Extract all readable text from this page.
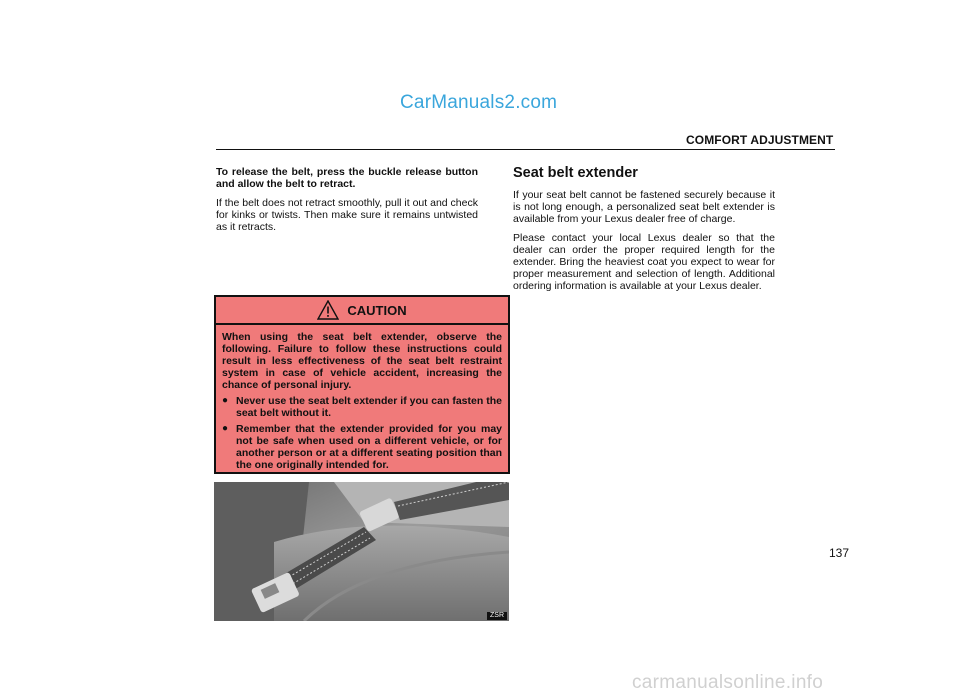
CarManuals2.com
COMFORT ADJUSTMENT

To release the belt, press the buckle release button and allow the belt to retract.

If the belt does not retract smoothly, pull it out and check for kinks or twists. Then make sure it remains untwisted as it retracts.

Seat belt extender

If your seat belt cannot be fastened securely because it is not long enough, a personalized seat belt extender is available from your Lexus dealer free of charge.

Please contact your local Lexus dealer so that the dealer can order the proper required length for the extender. Bring the heaviest coat you expect to wear for proper measurement and selection of length. Additional ordering information is available at your Lexus dealer.

CAUTION

When using the seat belt extender, observe the following. Failure to follow these instructions could result in less effectiveness of the seat belt restraint system in case of vehicle accident, increasing the chance of personal injury.

● Never use the seat belt extender if you can fasten the seat belt without it.
● Remember that the extender provided for you may not be safe when used on a different vehicle, or for another person or at a different seating position than the one originally intended for.
ZSR
137
carmanualsonline.info
